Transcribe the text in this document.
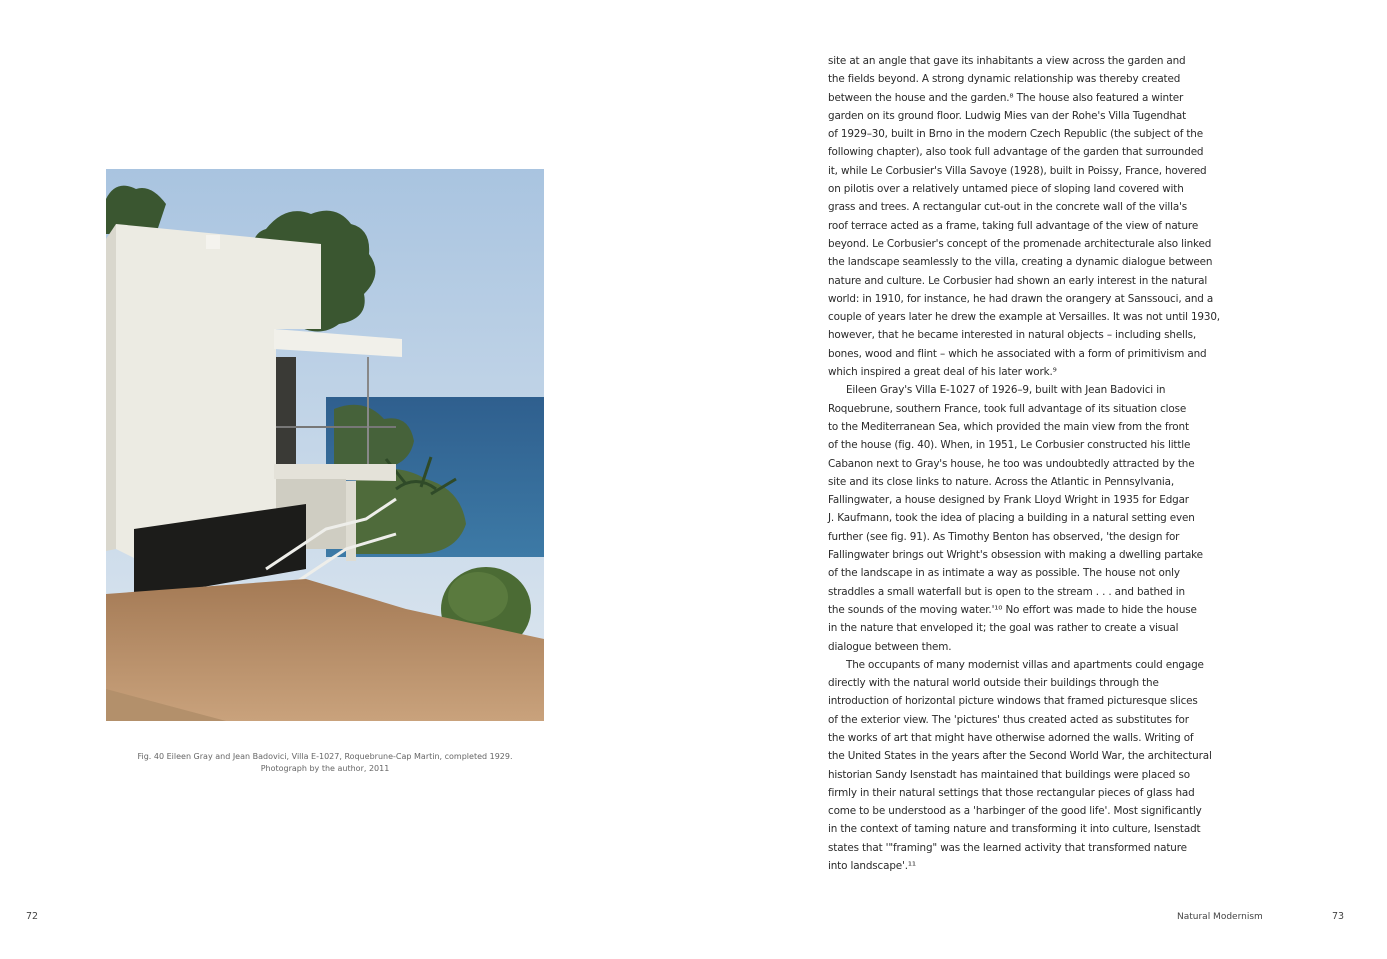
Fig. 40 Eileen Gray and Jean Badovici, Villa E-1027, Roquebrune-Cap Martin, completed 1929.
Photograph by the author, 2011
72
site at an angle that gave its inhabitants a view across the garden and
the fields beyond. A strong dynamic relationship was thereby created
between the house and the garden.⁸ The house also featured a winter
garden on its ground floor. Ludwig Mies van der Rohe's Villa Tugendhat
of 1929–30, built in Brno in the modern Czech Republic (the subject of the
following chapter), also took full advantage of the garden that surrounded
it, while Le Corbusier's Villa Savoye (1928), built in Poissy, France, hovered
on pilotis over a relatively untamed piece of sloping land covered with
grass and trees. A rectangular cut-out in the concrete wall of the villa's
roof terrace acted as a frame, taking full advantage of the view of nature
beyond. Le Corbusier's concept of the promenade architecturale also linked
the landscape seamlessly to the villa, creating a dynamic dialogue between
nature and culture. Le Corbusier had shown an early interest in the natural
world: in 1910, for instance, he had drawn the orangery at Sanssouci, and a
couple of years later he drew the example at Versailles. It was not until 1930,
however, that he became interested in natural objects – including shells,
bones, wood and flint – which he associated with a form of primitivism and
which inspired a great deal of his later work.⁹
Eileen Gray's Villa E-1027 of 1926–9, built with Jean Badovici in
Roquebrune, southern France, took full advantage of its situation close
to the Mediterranean Sea, which provided the main view from the front
of the house (fig. 40). When, in 1951, Le Corbusier constructed his little
Cabanon next to Gray's house, he too was undoubtedly attracted by the
site and its close links to nature. Across the Atlantic in Pennsylvania,
Fallingwater, a house designed by Frank Lloyd Wright in 1935 for Edgar
J. Kaufmann, took the idea of placing a building in a natural setting even
further (see fig. 91). As Timothy Benton has observed, 'the design for
Fallingwater brings out Wright's obsession with making a dwelling partake
of the landscape in as intimate a way as possible. The house not only
straddles a small waterfall but is open to the stream . . . and bathed in
the sounds of the moving water.'¹⁰ No effort was made to hide the house
in the nature that enveloped it; the goal was rather to create a visual
dialogue between them.
The occupants of many modernist villas and apartments could engage
directly with the natural world outside their buildings through the
introduction of horizontal picture windows that framed picturesque slices
of the exterior view. The 'pictures' thus created acted as substitutes for
the works of art that might have otherwise adorned the walls. Writing of
the United States in the years after the Second World War, the architectural
historian Sandy Isenstadt has maintained that buildings were placed so
firmly in their natural settings that those rectangular pieces of glass had
come to be understood as a 'harbinger of the good life'. Most significantly
in the context of taming nature and transforming it into culture, Isenstadt
states that '"framing" was the learned activity that transformed nature
into landscape'.¹¹
Natural Modernism	73
